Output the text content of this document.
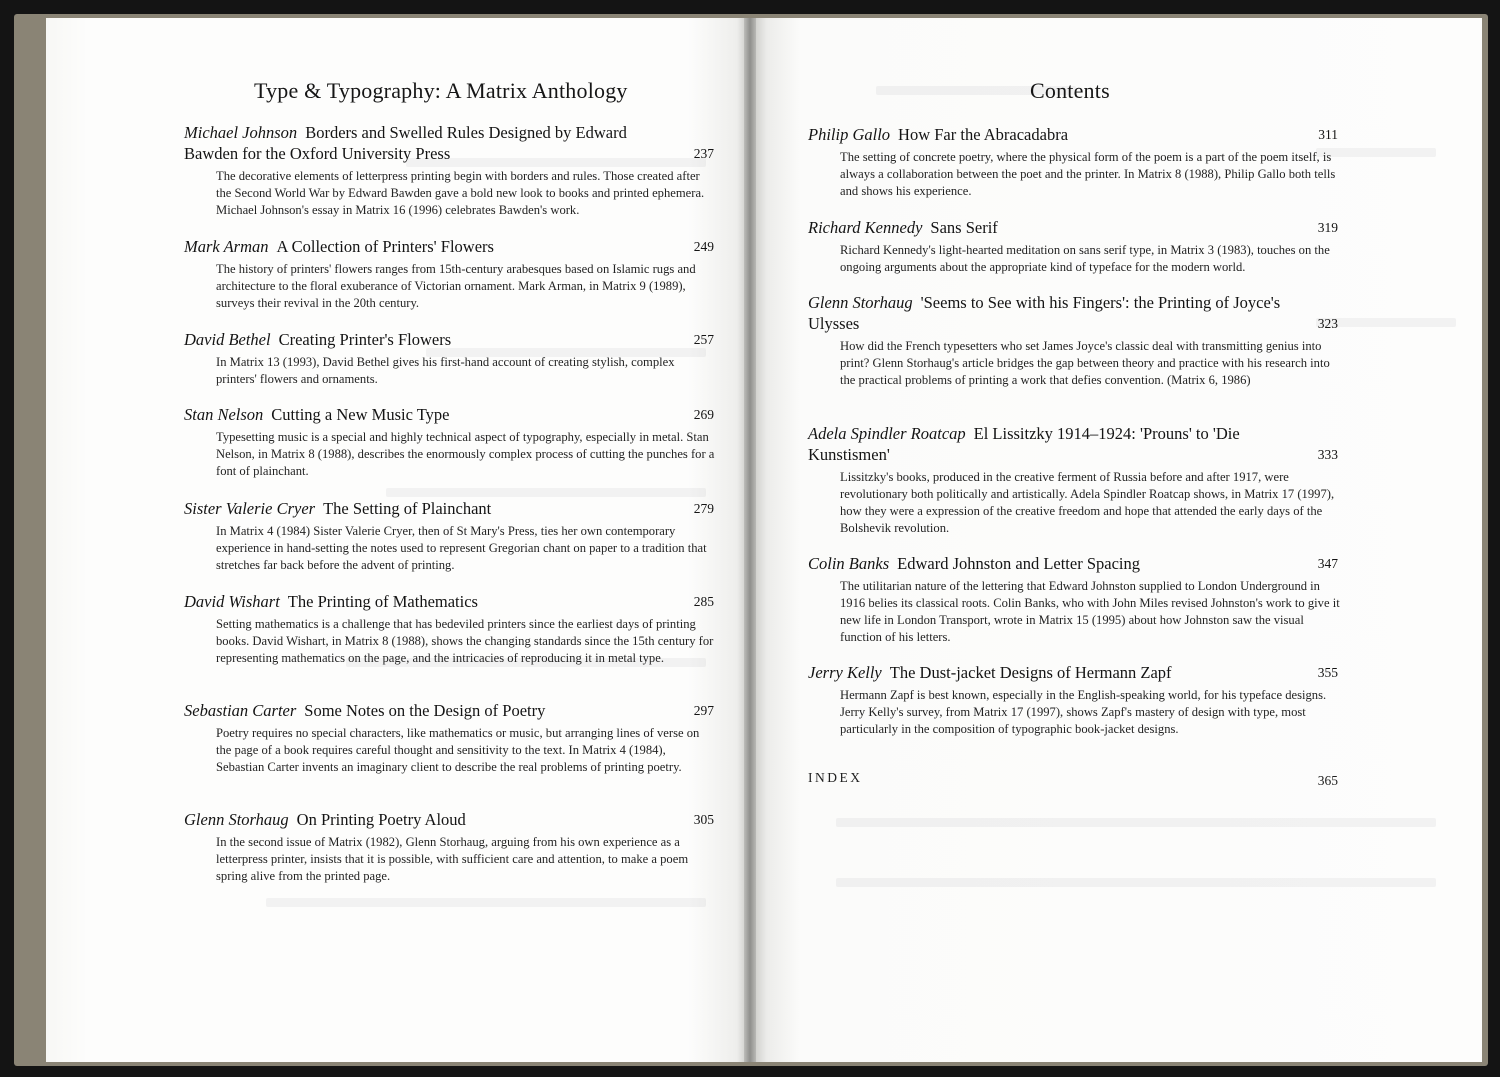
Type & Typography: A Matrix Anthology
Michael Johnson Borders and Swelled Rules Designed by Edward Bawden for the Oxford University Press	237
The decorative elements of letterpress printing begin with borders and rules. Those created after the Second World War by Edward Bawden gave a bold new look to books and printed ephemera. Michael Johnson's essay in Matrix 16 (1996) celebrates Bawden's work.
Mark Arman A Collection of Printers' Flowers	249
The history of printers' flowers ranges from 15th-century arabesques based on Islamic rugs and architecture to the floral exuberance of Victorian ornament. Mark Arman, in Matrix 9 (1989), surveys their revival in the 20th century.
David Bethel Creating Printer's Flowers	257
In Matrix 13 (1993), David Bethel gives his first-hand account of creating stylish, complex printers' flowers and ornaments.
Stan Nelson Cutting a New Music Type	269
Typesetting music is a special and highly technical aspect of typography, especially in metal. Stan Nelson, in Matrix 8 (1988), describes the enormously complex process of cutting the punches for a font of plainchant.
Sister Valerie Cryer The Setting of Plainchant	279
In Matrix 4 (1984) Sister Valerie Cryer, then of St Mary's Press, ties her own contemporary experience in hand-setting the notes used to represent Gregorian chant on paper to a tradition that stretches far back before the advent of printing.
David Wishart The Printing of Mathematics	285
Setting mathematics is a challenge that has bedeviled printers since the earliest days of printing books. David Wishart, in Matrix 8 (1988), shows the changing standards since the 15th century for representing mathematics on the page, and the intricacies of reproducing it in metal type.
Sebastian Carter Some Notes on the Design of Poetry	297
Poetry requires no special characters, like mathematics or music, but arranging lines of verse on the page of a book requires careful thought and sensitivity to the text. In Matrix 4 (1984), Sebastian Carter invents an imaginary client to describe the real problems of printing poetry.
Glenn Storhaug On Printing Poetry Aloud	305
In the second issue of Matrix (1982), Glenn Storhaug, arguing from his own experience as a letterpress printer, insists that it is possible, with sufficient care and attention, to make a poem spring alive from the printed page.
Contents
Philip Gallo How Far the Abracadabra	311
The setting of concrete poetry, where the physical form of the poem is a part of the poem itself, is always a collaboration between the poet and the printer. In Matrix 8 (1988), Philip Gallo both tells and shows his experience.
Richard Kennedy Sans Serif	319
Richard Kennedy's light-hearted meditation on sans serif type, in Matrix 3 (1983), touches on the ongoing arguments about the appropriate kind of typeface for the modern world.
Glenn Storhaug 'Seems to See with his Fingers': the Printing of Joyce's Ulysses	323
How did the French typesetters who set James Joyce's classic deal with transmitting genius into print? Glenn Storhaug's article bridges the gap between theory and practice with his research into the practical problems of printing a work that defies convention. (Matrix 6, 1986)
Adela Spindler Roatcap El Lissitzky 1914–1924: 'Prouns' to 'Die Kunstismen'	333
Lissitzky's books, produced in the creative ferment of Russia before and after 1917, were revolutionary both politically and artistically. Adela Spindler Roatcap shows, in Matrix 17 (1997), how they were a expression of the creative freedom and hope that attended the early days of the Bolshevik revolution.
Colin Banks Edward Johnston and Letter Spacing	347
The utilitarian nature of the lettering that Edward Johnston supplied to London Underground in 1916 belies its classical roots. Colin Banks, who with John Miles revised Johnston's work to give it new life in London Transport, wrote in Matrix 15 (1995) about how Johnston saw the visual function of his letters.
Jerry Kelly The Dust-jacket Designs of Hermann Zapf	355
Hermann Zapf is best known, especially in the English-speaking world, for his typeface designs. Jerry Kelly's survey, from Matrix 17 (1997), shows Zapf's mastery of design with type, most particularly in the composition of typographic book-jacket designs.
INDEX	365
